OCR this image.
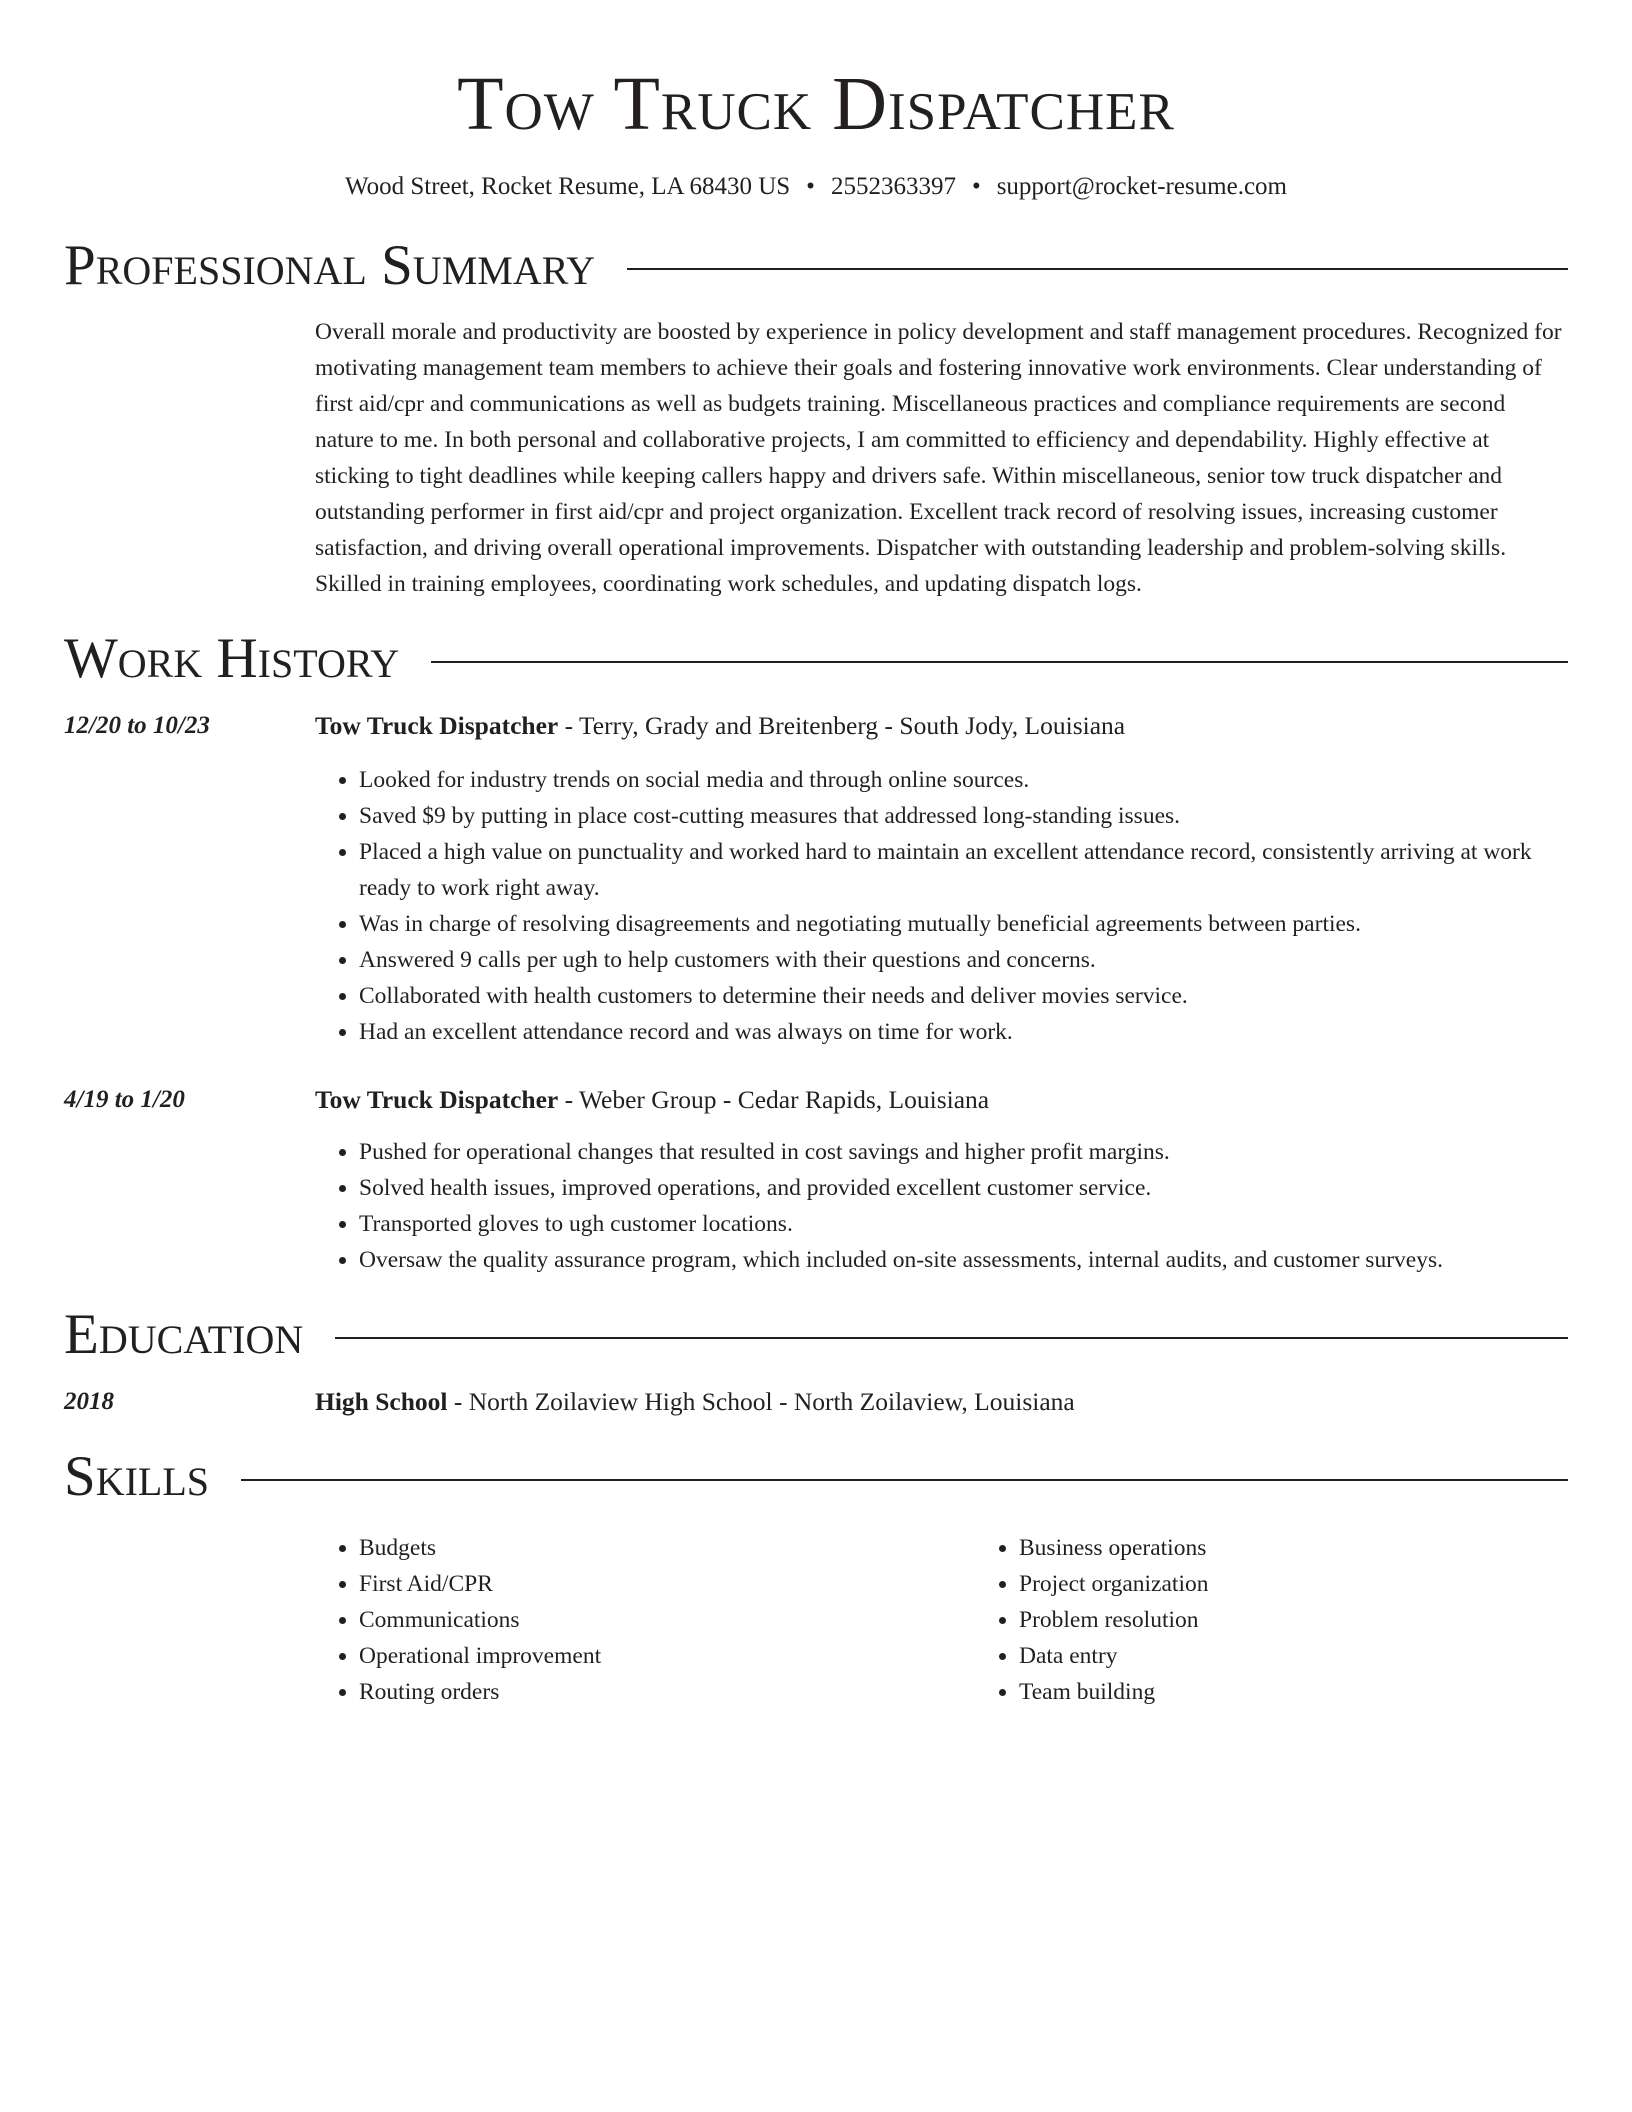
Tow Truck Dispatcher
Wood Street, Rocket Resume, LA 68430 US • 2552363397 • support@rocket-resume.com
Professional Summary

Overall morale and productivity are boosted by experience in policy development and staff management procedures. Recognized for motivating management team members to achieve their goals and fostering innovative work environments. Clear understanding of first aid/cpr and communications as well as budgets training. Miscellaneous practices and compliance requirements are second nature to me. In both personal and collaborative projects, I am committed to efficiency and dependability. Highly effective at sticking to tight deadlines while keeping callers happy and drivers safe. Within miscellaneous, senior tow truck dispatcher and outstanding performer in first aid/cpr and project organization. Excellent track record of resolving issues, increasing customer satisfaction, and driving overall operational improvements. Dispatcher with outstanding leadership and problem-solving skills. Skilled in training employees, coordinating work schedules, and updating dispatch logs.

Work History
12/20 to 10/23	Tow Truck Dispatcher - Terry, Grady and Breitenberg - South Jody, Louisiana
• Looked for industry trends on social media and through online sources.
• Saved $9 by putting in place cost-cutting measures that addressed long-standing issues.
• Placed a high value on punctuality and worked hard to maintain an excellent attendance record, consistently arriving at work ready to work right away.
• Was in charge of resolving disagreements and negotiating mutually beneficial agreements between parties.
• Answered 9 calls per ugh to help customers with their questions and concerns.
• Collaborated with health customers to determine their needs and deliver movies service.
• Had an excellent attendance record and was always on time for work.
4/19 to 1/20	Tow Truck Dispatcher - Weber Group - Cedar Rapids, Louisiana
• Pushed for operational changes that resulted in cost savings and higher profit margins.
• Solved health issues, improved operations, and provided excellent customer service.
• Transported gloves to ugh customer locations.
• Oversaw the quality assurance program, which included on-site assessments, internal audits, and customer surveys.
Education
2018	High School - North Zoilaview High School - North Zoilaview, Louisiana
Skills
• Budgets
• First Aid/CPR
• Communications
• Operational improvement
• Routing orders
• Business operations
• Project organization
• Problem resolution
• Data entry
• Team building
